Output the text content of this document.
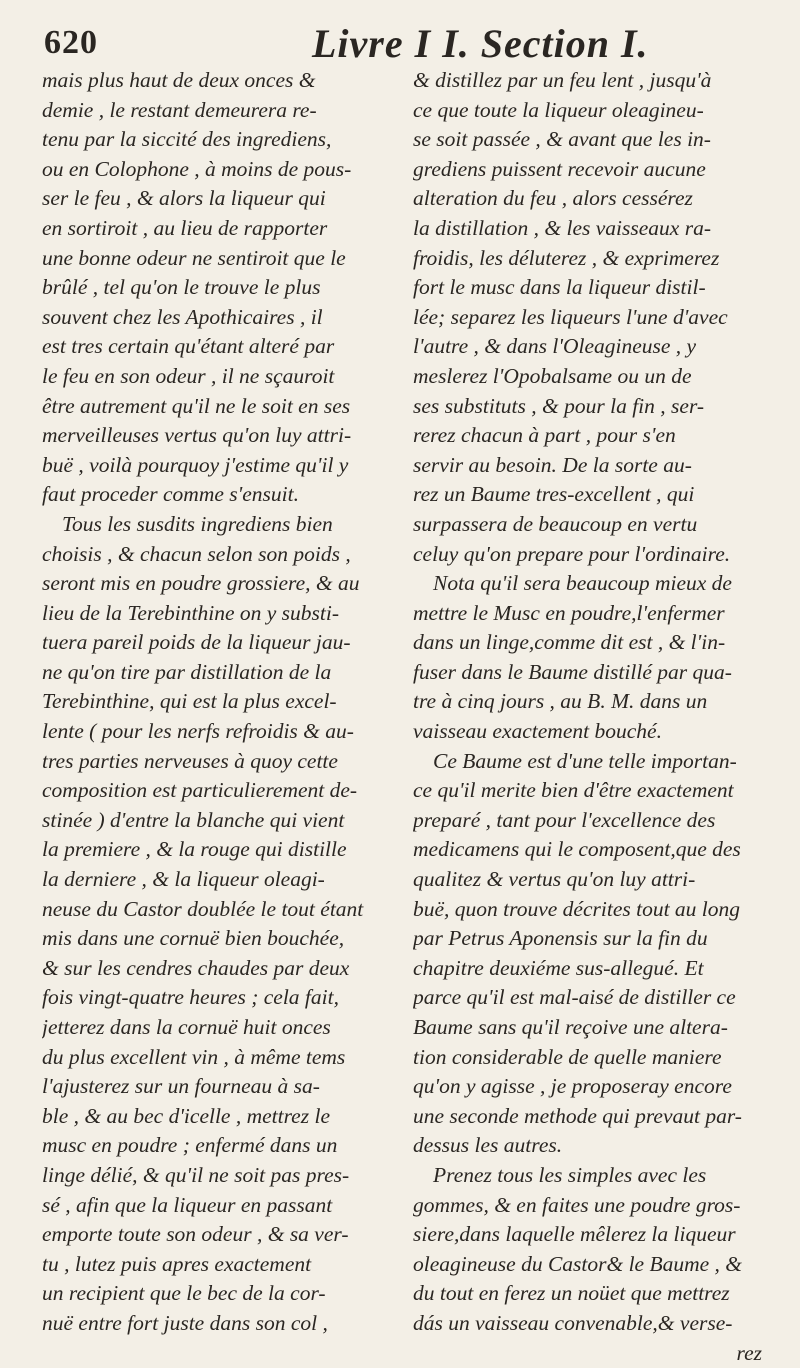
620	Livre I I. Section I.
mais plus haut de deux onces &
demie , le restant demeurera re-
tenu par la siccité des ingrediens,
ou en Colophone , à moins de pous-
ser le feu , & alors la liqueur qui
en sortiroit , au lieu de rapporter
une bonne odeur ne sentiroit que le
brûlé , tel qu'on le trouve le plus
souvent chez les Apothicaires , il
est tres certain qu'étant alteré par
le feu en son odeur , il ne sçauroit
être autrement qu'il ne le soit en ses
merveilleuses vertus qu'on luy attri-
buë , voilà pourquoy j'estime qu'il y
faut proceder comme s'ensuit.
Tous les susdits ingrediens bien
choisis , & chacun selon son poids ,
seront mis en poudre grossiere, & au
lieu de la Terebinthine on y substi-
tuera pareil poids de la liqueur jau-
ne qu'on tire par distillation de la
Terebinthine, qui est la plus excel-
lente ( pour les nerfs refroidis & au-
tres parties nerveuses à quoy cette
composition est particulierement de-
stinée ) d'entre la blanche qui vient
la premiere , & la rouge qui distille
la derniere , & la liqueur oleagi-
neuse du Castor doublée le tout étant
mis dans une cornuë bien bouchée,
& sur les cendres chaudes par deux
fois vingt-quatre heures ; cela fait,
jetterez dans la cornuë huit onces
du plus excellent vin , à même tems
l'ajusterez sur un fourneau à sa-
ble , & au bec d'icelle , mettrez le
musc en poudre ; enfermé dans un
linge délié, & qu'il ne soit pas pres-
sé , afin que la liqueur en passant
emporte toute son odeur , & sa ver-
tu , lutez puis apres exactement
un recipient que le bec de la cor-
nuë entre fort juste dans son col ,
& distillez par un feu lent , jusqu'à
ce que toute la liqueur oleagineu-
se soit passée , & avant que les in-
grediens puissent recevoir aucune
alteration du feu , alors cessérez
la distillation , & les vaisseaux ra-
froidis, les déluterez , & exprimerez
fort le musc dans la liqueur distil-
lée; separez les liqueurs l'une d'avec
l'autre , & dans l'Oleagineuse , y
meslerez l'Opobalsame ou un de
ses substituts , & pour la fin , ser-
rerez chacun à part , pour s'en
servir au besoin. De la sorte au-
rez un Baume tres-excellent , qui
surpassera de beaucoup en vertu
celuy qu'on prepare pour l'ordinaire.
Nota qu'il sera beaucoup mieux de
mettre le Musc en poudre,l'enfermer
dans un linge,comme dit est , & l'in-
fuser dans le Baume distillé par qua-
tre à cinq jours , au B. M. dans un
vaisseau exactement bouché.
Ce Baume est d'une telle importan-
ce qu'il merite bien d'être exactement
preparé , tant pour l'excellence des
medicamens qui le composent,que des
qualitez & vertus qu'on luy attri-
buë, quon trouve décrites tout au long
par Petrus Aponensis sur la fin du
chapitre deuxiéme sus-allegué. Et
parce qu'il est mal-aisé de distiller ce
Baume sans qu'il reçoive une altera-
tion considerable de quelle maniere
qu'on y agisse , je proposeray encore
une seconde methode qui prevaut par-
dessus les autres.
Prenez tous les simples avec les
gommes, & en faites une poudre gros-
siere,dans laquelle mêlerez la liqueur
oleagineuse du Castor& le Baume , &
du tout en ferez un noüet que mettrez
dás un vaisseau convenable,& verse-
rez
